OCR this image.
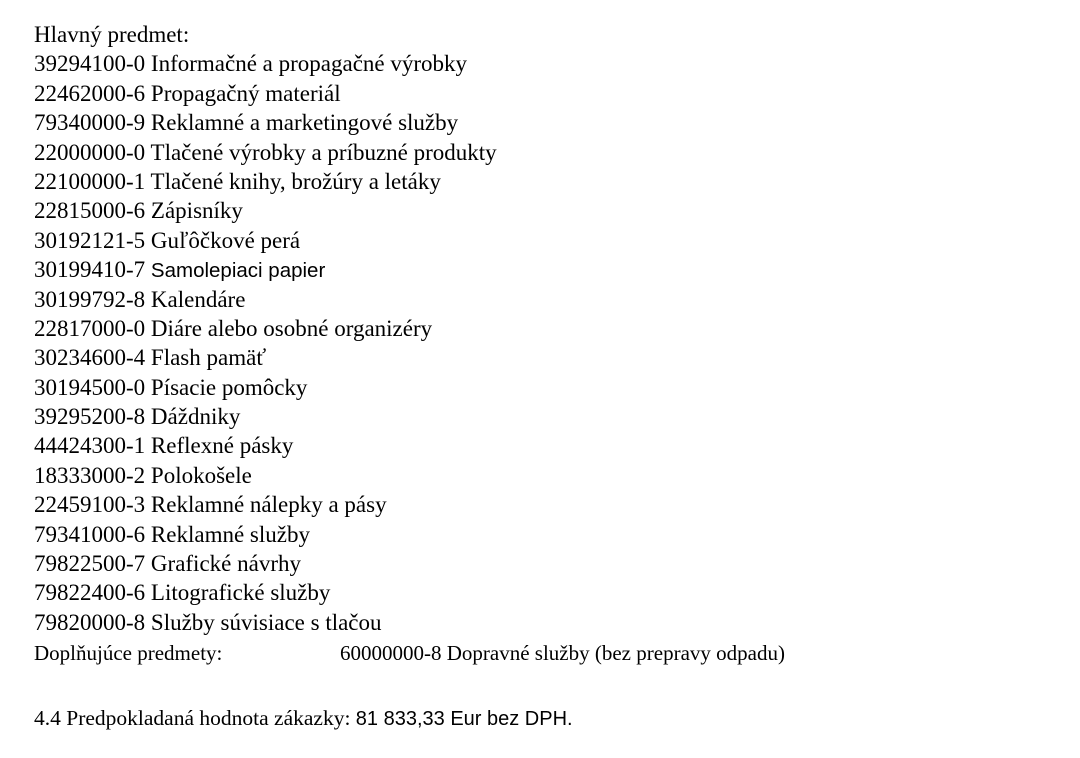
Hlavný predmet:
39294100-0 Informačné a propagačné výrobky
22462000-6 Propagačný materiál
79340000-9 Reklamné a marketingové služby
22000000-0 Tlačené výrobky a príbuzné produkty
22100000-1 Tlačené knihy, brožúry a letáky
22815000-6 Zápisníky
30192121-5 Guľôčkové perá
30199410-7 Samolepiaci papier
30199792-8 Kalendáre
22817000-0 Diáre alebo osobné organizéry
30234600-4 Flash pamäť
30194500-0 Písacie pomôcky
39295200-8 Dáždniky
44424300-1 Reflexné pásky
18333000-2 Polokošele
22459100-3 Reklamné nálepky a pásy
79341000-6 Reklamné služby
79822500-7 Grafické návrhy
79822400-6 Litografické služby
79820000-8 Služby súvisiace s tlačou
Doplňujúce predmety:	60000000-8 Dopravné služby (bez prepravy odpadu)
4.4 Predpokladaná hodnota zákazky: 81 833,33 Eur bez DPH.
